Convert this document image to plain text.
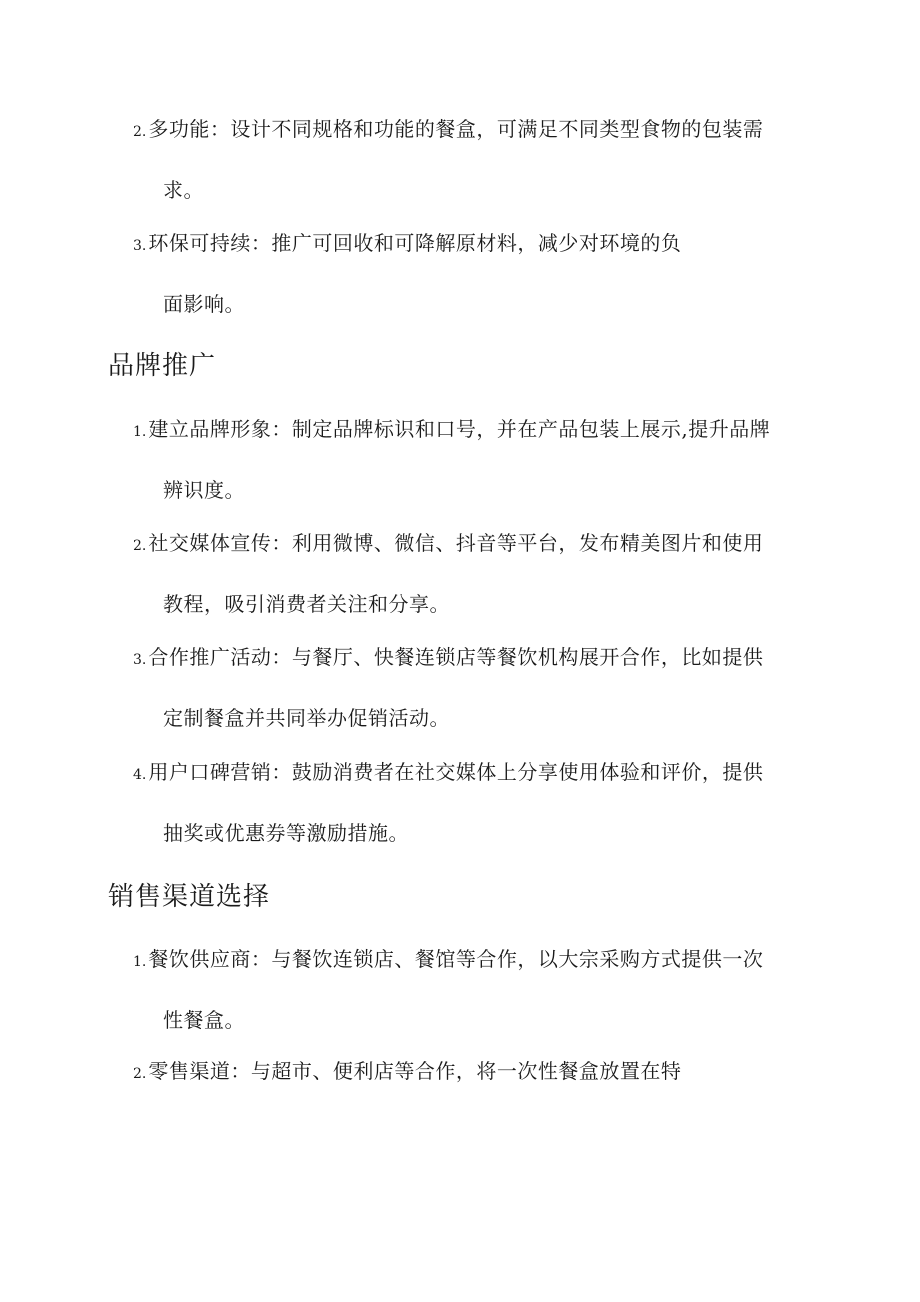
2. 多功能：设计不同规格和功能的餐盒，可满足不同类型食物的包装需
求。
3. 环保可持续：推广可回收和可降解原材料，减少对环境的负
面影响。
品牌推广
1. 建立品牌形象：制定品牌标识和口号，并在产品包装上展示,提升品牌
辨识度。
2. 社交媒体宣传：利用微博、微信、抖音等平台，发布精美图片和使用
教程，吸引消费者关注和分享。
3. 合作推广活动：与餐厅、快餐连锁店等餐饮机构展开合作，比如提供
定制餐盒并共同举办促销活动。
4. 用户口碑营销：鼓励消费者在社交媒体上分享使用体验和评价，提供
抽奖或优惠券等激励措施。
销售渠道选择
1. 餐饮供应商：与餐饮连锁店、餐馆等合作，以大宗采购方式提供一次
性餐盒。
2. 零售渠道：与超市、便利店等合作，将一次性餐盒放置在特
